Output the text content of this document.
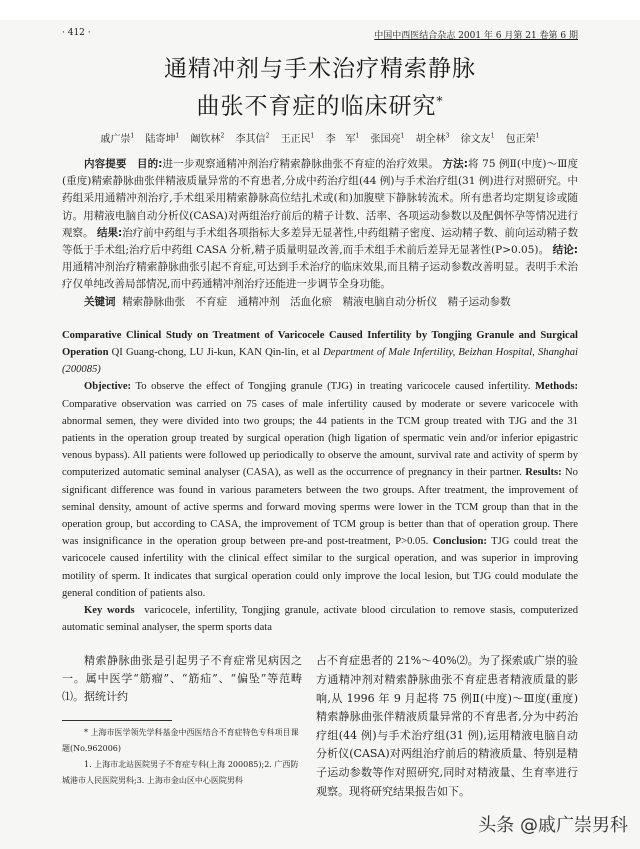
· 412 ·	中国中西医结合杂志 2001 年 6 月第 21 卷第 6 期
通精冲剂与手术治疗精索静脉
曲张不育症的临床研究*
戚广崇$^1$ 陆寄坤$^1$ 阚钦林$^2$ 李其信$^2$ 王正民$^1$ 李　军$^1$ 张国亮$^1$ 胡全林$^3$ 徐文友$^1$ 包正荣$^1$
内容提要 目的:进一步观察通精冲剂治疗精索静脉曲张不育症的治疗效果。 方法:将 75 例Ⅱ(中度)～Ⅲ度(重度)精索静脉曲张伴精液质量异常的不育患者,分成中药治疗组(44 例)与手术治疗组(31 例)进行对照研究。中药组采用通精冲剂治疗,手术组采用精索静脉高位结扎术或(和)加腹壁下静脉转流术。所有患者均定期复诊或随访。用精液电脑自动分析仪(CASA)对两组治疗前后的精子计数、活率、各项运动参数以及配偶怀孕等情况进行观察。 结果:治疗前中药组与手术组各项指标大多差异无显著性,中药组精子密度、运动精子数、前向运动精子数等低于手术组;治疗后中药组 CASA 分析,精子质量明显改善,而手术组手术前后差异无显著性(P>0.05)。 结论:用通精冲剂治疗精索静脉曲张引起不育症,可达到手术治疗的临床效果,而且精子运动参数改善明显。表明手术治疗仅单纯改善局部情况,而中药通精冲剂治疗还能进一步调节全身功能。
关键词 精索静脉曲张　不育症　通精冲剂　活血化瘀　精液电脑自动分析仪　精子运动参数
Comparative Clinical Study on Treatment of Varicocele Caused Infertility by Tongjing Granule and Surgical Operation QI Guang-chong, LU Ji-kun, KAN Qin-lin, et al Department of Male Infertility, Beizhan Hospital, Shanghai (200085)
Objective: To observe the effect of Tongjing granule (TJG) in treating varicocele caused infertility. Methods: Comparative observation was carried on 75 cases of male infertility caused by moderate or severe varicocele with abnormal semen, they were divided into two groups; the 44 patients in the TCM group treated with TJG and the 31 patients in the operation group treated by surgical operation (high ligation of spermatic vein and/or inferior epigastric venous bypass). All patients were followed up periodically to observe the amount, survival rate and activity of sperm by computerized automatic seminal analyser (CASA), as well as the occurrence of pregnancy in their partner. Results: No significant difference was found in various parameters between the two groups. After treatment, the improvement of seminal density, amount of active sperms and forward moving sperms were lower in the TCM group than that in the operation group, but according to CASA, the improvement of TCM group is better than that of operation group. There was insignificance in the operation group between pre-and post-treatment, P>0.05. Conclusion: TJG could treat the varicocele caused infertility with the clinical effect similar to the surgical operation, and was superior in improving motility of sperm. It indicates that surgical operation could only improve the local lesion, but TJG could modulate the general condition of patients also.
Key words varicocele, infertility, Tongjing granule, activate blood circulation to remove stasis, computerized automatic seminal analyser, the sperm sports data
精索静脉曲张是引起男子不育症常见病因之一。属中医学“筋瘤”、“筋疝”、“偏坠”等范畴⑴。据统计约
* 上海市医学领先学科基金中西医结合不育症特色专科项目课题(No.962006)
1. 上海市北站医院男子不育症专科(上海 200085);2. 广西防城港市人民医院男科;3. 上海市金山区中心医院男科
占不育症患者的 21%～40%⑵。为了探索戚广崇的验方通精冲剂对精索静脉曲张不育症患者精液质量的影响,从 1996 年 9 月起将 75 例Ⅱ(中度)～Ⅲ度(重度)精索静脉曲张伴精液质量异常的不育患者,分为中药治疗组(44 例)与手术治疗组(31 例),运用精液电脑自动分析仪(CASA)对两组治疗前后的精液质量、特别是精子运动参数等作对照研究,同时对精液量、生育率进行观察。现将研究结果报告如下。
头条 @戚广崇男科
